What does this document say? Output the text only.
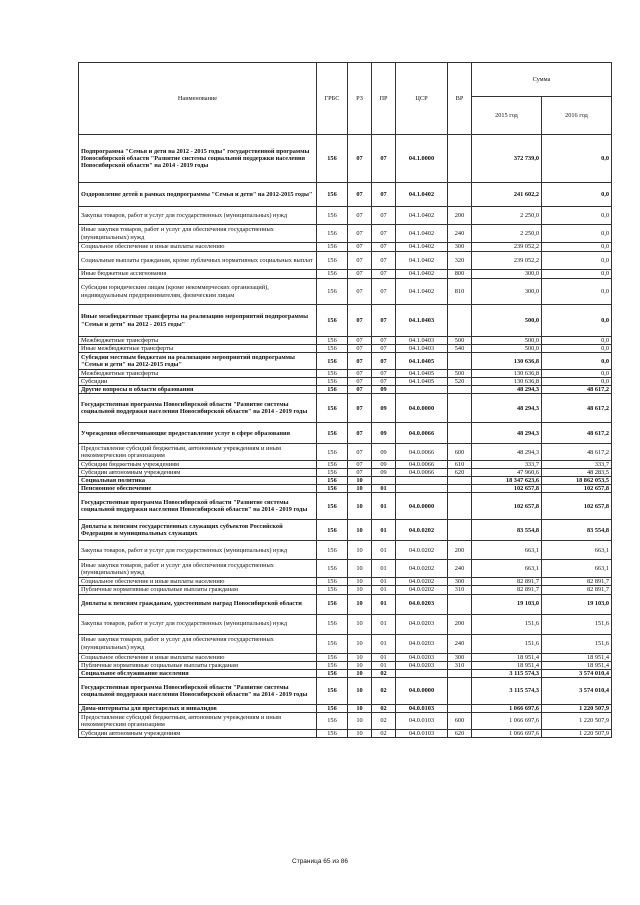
Наименование	ГРБС	РЗ	ПР	ЦСР	ВР	Сумма	
						2015 год	2016 год
Подпрограмма "Семья и дети на 2012 - 2015 годы" государственной программы Новосибирской области "Развитие системы социальной поддержки населения Новосибирской области" на 2014 - 2019 годы	156	07	07	04.1.0000		372 739,0	0,0
Оздоровление детей в рамках подпрограммы "Семья и дети" на 2012-2015 годы"	156	07	07	04.1.0402		241 602,2	0,0
Закупка товаров, работ и услуг для государственных (муниципальных) нужд	156	07	07	04.1.0402	200	2 250,0	0,0
Иные закупки товаров, работ и услуг для обеспечения государственных (муниципальных) нужд	156	07	07	04.1.0402	240	2 250,0	0,0
Социальное обеспечение и иные выплаты населению	156	07	07	04.1.0402	300	239 052,2	0,0
Социальные выплаты гражданам, кроме публичных нормативных социальных выплат	156	07	07	04.1.0402	320	239 052,2	0,0
Иные бюджетные ассигнования	156	07	07	04.1.0402	800	300,0	0,0
Субсидии юридическим лицам (кроме некоммерческих организаций), индивидуальным предпринимателям, физическим лицам	156	07	07	04.1.0402	810	300,0	0,0
Иные межбюджетные трансферты на реализацию мероприятий подпрограммы "Семья и дети" на 2012 - 2015 годы"	156	07	07	04.1.0403		500,0	0,0
Межбюджетные трансферты	156	07	07	04.1.0403	500	500,0	0,0
Иные межбюджетные трансферты	156	07	07	04.1.0403	540	500,0	0,0
Субсидии местным бюджетам на реализацию мероприятий подпрограммы "Семья и дети" на 2012-2015 годы"	156	07	07	04.1.0405		130 636,8	0,0
Межбюджетные трансферты	156	07	07	04.1.0405	500	130 636,8	0,0
Субсидии	156	07	07	04.1.0405	520	130 636,8	0,0
Другие вопросы в области образования	156	07	09			48 294,3	48 617,2
Государственная программа Новосибирской области "Развитие системы социальной поддержки населения Новосибирской области" на 2014 - 2019 годы	156	07	09	04.0.0000		48 294,3	48 617,2
Учреждения обеспечивающие предоставление услуг в сфере образования	156	07	09	04.0.0066		48 294,3	48 617,2
Предоставление субсидий бюджетным, автономным учреждениям и иным некоммерческим организациям	156	07	09	04.0.0066	600	48 294,3	48 617,2
Субсидии бюджетным учреждениям	156	07	09	04.0.0066	610	333,7	333,7
Субсидии автономным учреждениям	156	07	09	04.0.0066	620	47 960,6	48 283,5
Социальная политика	156	10				18 347 623,6	18 862 053,5
Пенсионное обеспечение	156	10	01			102 657,8	102 657,8
Государственная программа Новосибирской области "Развитие системы социальной поддержки населения Новосибирской области" на 2014 - 2019 годы	156	10	01	04.0.0000		102 657,8	102 657,8
Доплаты к пенсиям государственных служащих субъектов Российской Федерации и муниципальных служащих	156	10	01	04.0.0202		83 554,8	83 554,8
Закупка товаров, работ и услуг для государственных (муниципальных) нужд	156	10	01	04.0.0202	200	663,1	663,1
Иные закупки товаров, работ и услуг для обеспечения государственных (муниципальных) нужд	156	10	01	04.0.0202	240	663,1	663,1
Социальное обеспечение и иные выплаты населению	156	10	01	04.0.0202	300	82 891,7	82 891,7
Публичные нормативные социальные выплаты гражданам	156	10	01	04.0.0202	310	82 891,7	82 891,7
Доплаты к пенсиям гражданам, удостоенным наград Новосибирской области	156	10	01	04.0.0203		19 103,0	19 103,0
Закупка товаров, работ и услуг для государственных (муниципальных) нужд	156	10	01	04.0.0203	200	151,6	151,6
Иные закупки товаров, работ и услуг для обеспечения государственных (муниципальных) нужд	156	10	01	04.0.0203	240	151,6	151,6
Социальное обеспечение и иные выплаты населению	156	10	01	04.0.0203	300	18 951,4	18 951,4
Публичные нормативные социальные выплаты гражданам	156	10	01	04.0.0203	310	18 951,4	18 951,4
Социальное обслуживание населения	156	10	02			3 115 574,3	3 574 010,4
Государственная программа Новосибирской области "Развитие системы социальной поддержки населения Новосибирской области" на 2014 - 2019 годы	156	10	02	04.0.0000		3 115 574,3	3 574 010,4
Дома-интернаты для престарелых и инвалидов	156	10	02	04.0.0103		1 066 697,6	1 220 507,9
Предоставление субсидий бюджетным, автономным учреждениям и иным некоммерческим организациям	156	10	02	04.0.0103	600	1 066 697,6	1 220 507,9
Субсидии автономным учреждениям	156	10	02	04.0.0103	620	1 066 697,6	1 220 507,9
Страница 65 из 86
